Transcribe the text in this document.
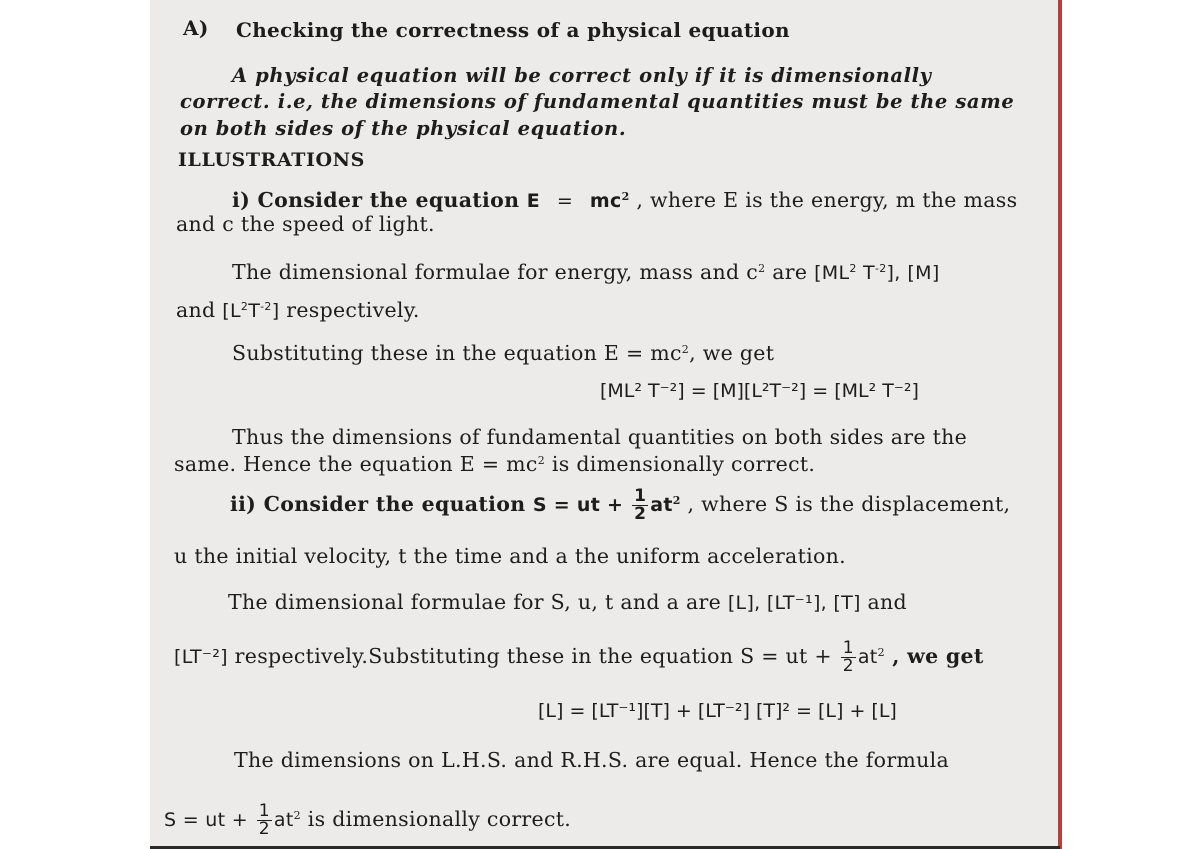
A) Checking the correctness of a physical equation
A physical equation will be correct only if it is dimensionally
correct. i.e, the dimensions of fundamental quantities must be the same
on both sides of the physical equation.
ILLUSTRATIONS
i) Consider the equation $E = mc^2$ , where E is the energy, m the mass
and c the speed of light.
The dimensional formulae for energy, mass and $c^2$ are [$ML^2$ $T^{-2}$], [M]
and $[L^2T^{-2}]$ respectively.
Substituting these in the equation $E = mc^2$, we get
[ML² T⁻²] = [M][L²T⁻²] = [ML² T⁻²]
Thus the dimensions of fundamental quantities on both sides are the
same. Hence the equation $E = mc^2$ is dimensionally correct.
ii) Consider the equation S = ut + $\frac{1}{2} at^2$ , where S is the displacement,
u the initial velocity, t the time and a the uniform acceleration.
The dimensional formulae for S, u, t and a are [L], [LT⁻¹], [T] and
[LT⁻²] respectively.Substituting these in the equation S = ut + $\frac{1}{2} at^2$ , we get
[L] = [LT⁻¹][T] + [LT⁻²] [T]² = [L] + [L]
The dimensions on L.H.S. and R.H.S. are equal. Hence the formula
S = ut + $\frac{1}{2} at^2$ is dimensionally correct.
